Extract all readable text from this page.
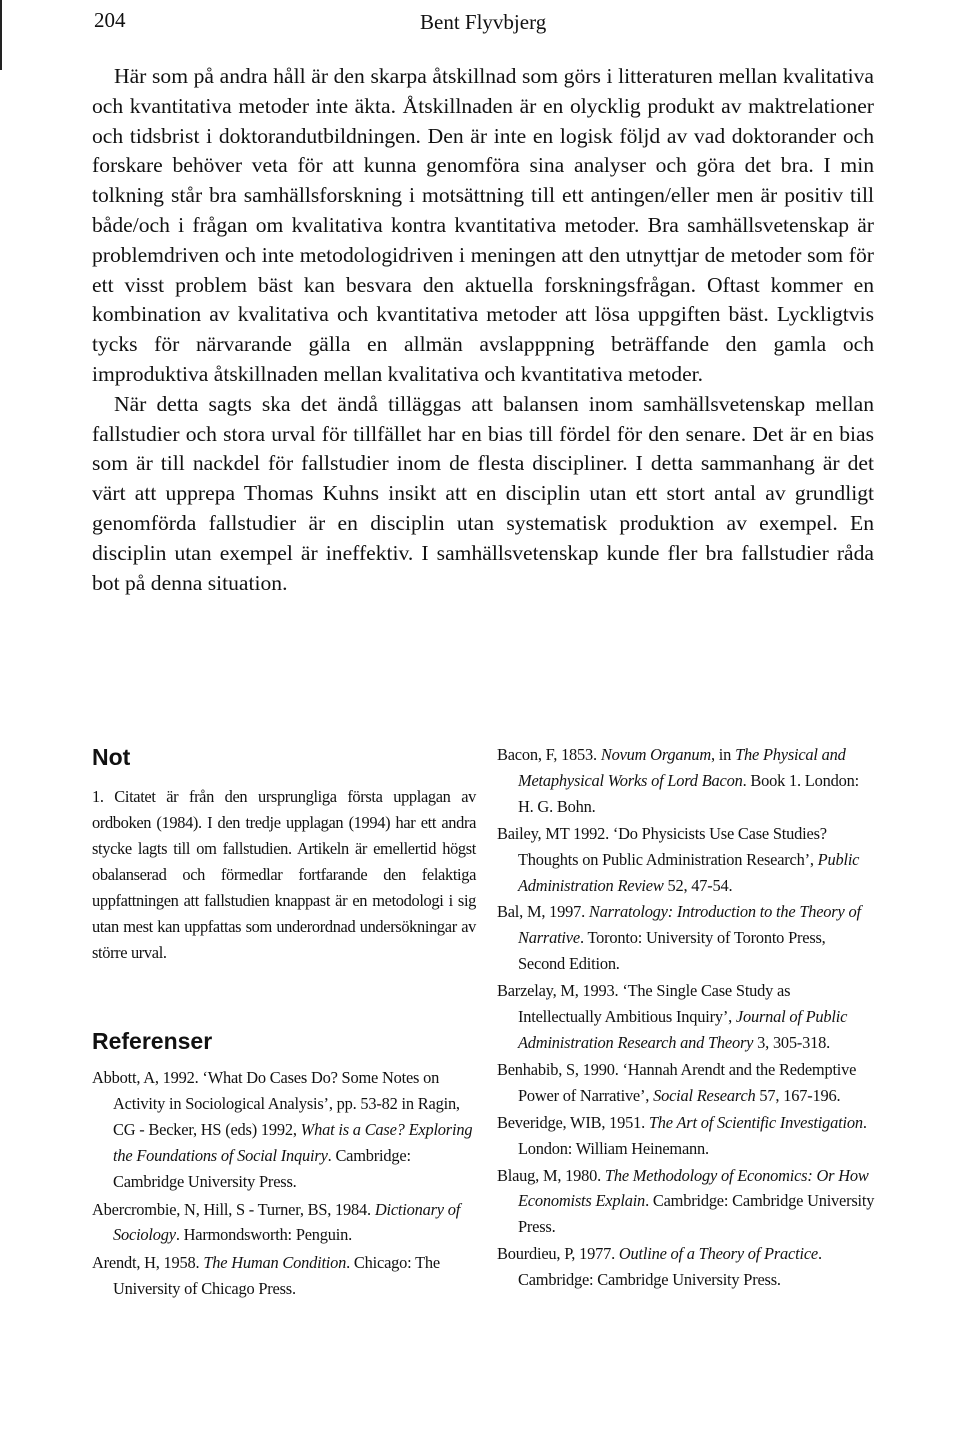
204	Bent Flyvbjerg

Här som på andra håll är den skarpa åtskillnad som görs i litteraturen mellan kvalitativa och kvantitativa metoder inte äkta. Åtskillnaden är en olycklig produkt av maktrelationer och tidsbrist i doktorandutbildningen. Den är inte en logisk följd av vad doktorander och forskare behöver veta för att kunna genomföra sina analyser och göra det bra. I min tolkning står bra samhällsforskning i motsättning till ett antingen/eller men är positiv till både/och i frågan om kvalitativa kontra kvantitativa metoder. Bra samhällsvetenskap är problemdriven och inte metodologidriven i meningen att den utnyttjar de metoder som för ett visst problem bäst kan besvara den aktuella forskningsfrågan. Oftast kommer en kombination av kvalitativa och kvantitativa metoder att lösa uppgiften bäst. Lyckligtvis tycks för närvarande gälla en allmän avslapppning beträffande den gamla och improduktiva åtskillnaden mellan kvalitativa och kvantitativa metoder.

När detta sagts ska det ändå tilläggas att balansen inom samhällsvetenskap mellan fallstudier och stora urval för tillfället har en bias till fördel för den senare. Det är en bias som är till nackdel för fallstudier inom de flesta discipliner. I detta sammanhang är det värt att upprepa Thomas Kuhns insikt att en disciplin utan ett stort antal av grundligt genomförda fallstudier är en disciplin utan systematisk produktion av exempel. En disciplin utan exempel är ineffektiv. I samhällsvetenskap kunde fler bra fallstudier råda bot på denna situation.

Not

1. Citatet är från den ursprungliga första upplagan av ordboken (1984). I den tredje upplagan (1994) har ett andra stycke lagts till om fallstudien. Artikeln är emellertid högst obalanserad och förmedlar fortfarande den felaktiga uppfattningen att fallstudien knappast är en metodologi i sig utan mest kan uppfattas som underordnad undersökningar av större urval.

Referenser

Abbott, A, 1992. ‘What Do Cases Do? Some Notes on Activity in Sociological Analysis’, pp. 53-82 in Ragin, CG - Becker, HS (eds) 1992, What is a Case? Exploring the Foundations of Social Inquiry. Cambridge: Cambridge University Press.

Abercrombie, N, Hill, S - Turner, BS, 1984. Dictionary of Sociology. Harmondsworth: Penguin.

Arendt, H, 1958. The Human Condition. Chicago: The University of Chicago Press.

Bacon, F, 1853. Novum Organum, in The Physical and Metaphysical Works of Lord Bacon. Book 1. London: H. G. Bohn.

Bailey, MT 1992. ‘Do Physicists Use Case Studies? Thoughts on Public Administration Research’, Public Administration Review 52, 47-54.

Bal, M, 1997. Narratology: Introduction to the Theory of Narrative. Toronto: University of Toronto Press, Second Edition.

Barzelay, M, 1993. ‘The Single Case Study as Intellectually Ambitious Inquiry’, Journal of Public Administration Research and Theory 3, 305-318.

Benhabib, S, 1990. ‘Hannah Arendt and the Redemptive Power of Narrative’, Social Research 57, 167-196.

Beveridge, WIB, 1951. The Art of Scientific Investigation. London: William Heinemann.

Blaug, M, 1980. The Methodology of Economics: Or How Economists Explain. Cambridge: Cambridge University Press.

Bourdieu, P, 1977. Outline of a Theory of Practice. Cambridge: Cambridge University Press.
